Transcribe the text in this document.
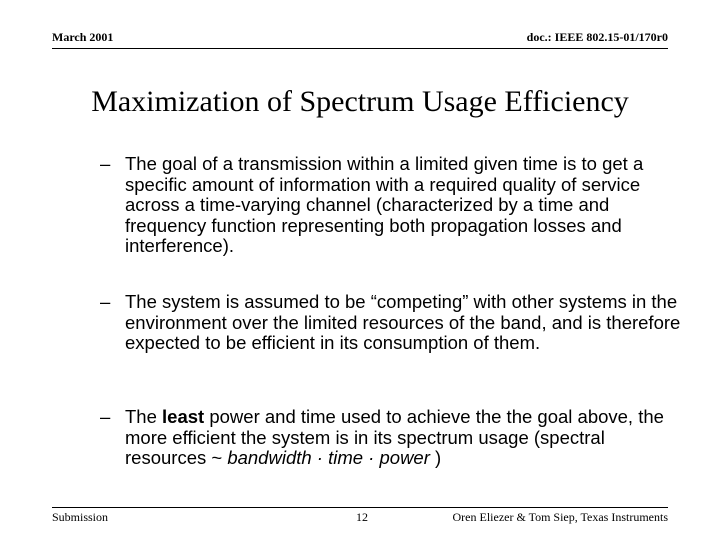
March 2001	doc.: IEEE 802.15-01/170r0
Maximization of Spectrum Usage Efficiency
– The goal of a transmission within a limited given time is to get a specific amount of information with a required quality of service across a time-varying channel (characterized by a time and frequency function representing both propagation losses and interference).
– The system is assumed to be “competing” with other systems in the environment over the limited resources of the band, and is therefore expected to be efficient in its consumption of them.
– The least power and time used to achieve the the goal above, the more efficient the system is in its spectrum usage (spectral resources ~ bandwidth · time · power )
Submission	12	Oren Eliezer & Tom Siep, Texas Instruments
